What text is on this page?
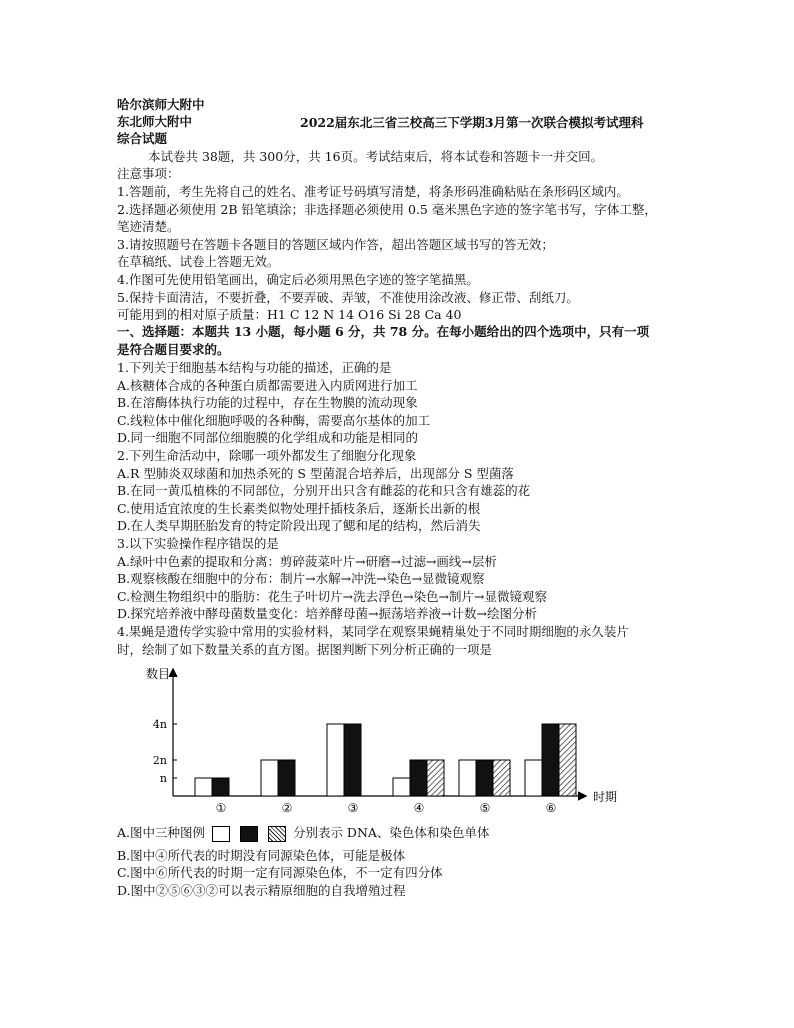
哈尔滨师大附中
东北师大附中	2022届东北三省三校高三下学期3月第一次联合模拟考试理科
综合试题
本试卷共 38题，共 300分，共 16页。考试结束后，将本试卷和答题卡一并交回。
注意事项：
1.答题前，考生先将自己的姓名、准考证号码填写清楚，将条形码准确粘贴在条形码区域内。
2.选择题必须使用 2B 铅笔填涂；非选择题必须使用 0.5 毫米黑色字迹的签字笔书写，字体工整，
笔迹清楚。
3.请按照题号在答题卡各题目的答题区域内作答，超出答题区域书写的答无效；
在草稿纸、试卷上答题无效。
4.作图可先使用铅笔画出，确定后必须用黑色字迹的签字笔描黑。
5.保持卡面清洁，不要折叠，不要弄破、弄皱，不准使用涂改液、修正带、刮纸刀。
可能用到的相对原子质量：H1 C 12 N 14 O16 Si 28 Ca 40
一、选择题：本题共 13 小题，每小题 6 分，共 78 分。在每小题给出的四个选项中，只有一项
是符合题目要求的。
1.下列关于细胞基本结构与功能的描述，正确的是
A.核糖体合成的各种蛋白质都需要进入内质网进行加工
B.在溶酶体执行功能的过程中，存在生物膜的流动现象
C.线粒体中催化细胞呼吸的各种酶，需要高尔基体的加工
D.同一细胞不同部位细胞膜的化学组成和功能是相同的
2.下列生命活动中，除哪一项外都发生了细胞分化现象
A.R 型肺炎双球菌和加热杀死的 S 型菌混合培养后，出现部分 S 型菌落
B.在同一黄瓜植株的不同部位，分别开出只含有雌蕊的花和只含有雄蕊的花
C.使用适宜浓度的生长素类似物处理扦插枝条后，逐渐长出新的根
D.在人类早期胚胎发育的特定阶段出现了鳃和尾的结构，然后消失
3.以下实验操作程序错误的是
A.绿叶中色素的提取和分离：剪碎菠菜叶片→研磨→过滤→画线→层析
B.观察核酸在细胞中的分布：制片→水解→冲洗→染色→显微镜观察
C.检测生物组织中的脂肪：花生子叶切片→洗去浮色→染色→制片→显微镜观察
D.探究培养液中酵母菌数量变化：培养酵母菌→振荡培养液→计数→绘图分析
4.果蝇是遗传学实验中常用的实验材料，某同学在观察果蝇精巢处于不同时期细胞的永久装片
时，绘制了如下数量关系的直方图。据图判断下列分析正确的一项是
数目
时期
n
2n
4n
①	②	③	④	⑤	⑥
A.图中三种图例	分别表示 DNA、染色体和染色单体
B.图中④所代表的时期没有同源染色体，可能是极体
C.图中⑥所代表的时期一定有同源染色体，不一定有四分体
D.图中②⑤⑥③②可以表示精原细胞的自我增殖过程
